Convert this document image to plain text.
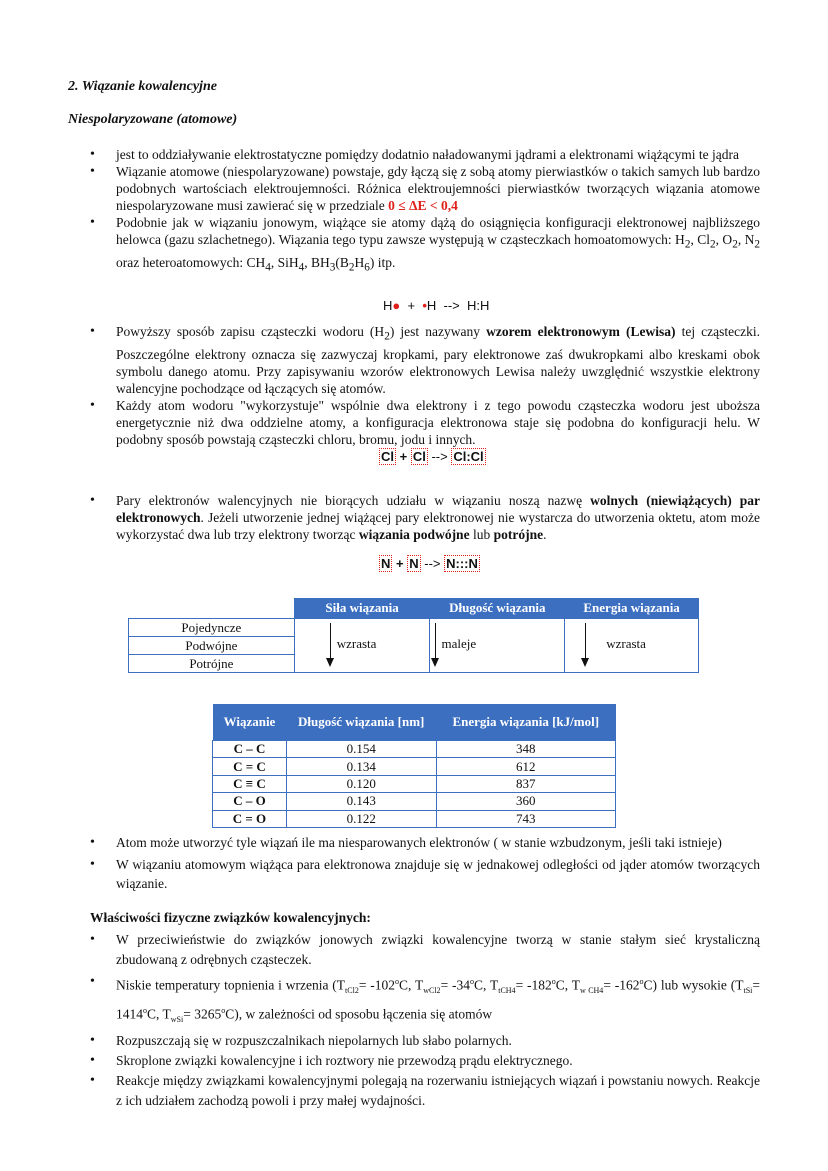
2. Wiązanie kowalencyjne
Niespolaryzowane (atomowe)
• jest to oddziaływanie elektrostatyczne pomiędzy dodatnio naładowanymi jądrami a elektronami wiążącymi te jądra
• Wiązanie atomowe (niespolaryzowane) powstaje, gdy łączą się z sobą atomy pierwiastków o takich samych lub bardzo podobnych wartościach elektroujemności. Różnica elektroujemności pierwiastków tworzących wiązania atomowe niespolaryzowane musi zawierać się w przedziale 0 ≤ ΔE < 0,4
• Podobnie jak w wiązaniu jonowym, wiążące sie atomy dążą do osiągnięcia konfiguracji elektronowej najbliższego helowca (gazu szlachetnego). Wiązania tego typu zawsze występują w cząsteczkach homoatomowych: $H_2$, $Cl_2$, $O_2$, $N_2$ oraz heteroatomowych: $CH_4$, SiH$_4$, $BH_3(B_2H_6)$ itp.
H● + •H --> H:H
• Powyższy sposób zapisu cząsteczki wodoru $(H_2)$ jest nazywany wzorem elektronowym (Lewisa) tej cząsteczki. Poszczególne elektrony oznacza się zazwyczaj kropkami, pary elektronowe zaś dwukropkami albo kreskami obok symbolu danego atomu. Przy zapisywaniu wzorów elektronowych Lewisa należy uwzględnić wszystkie elektrony walencyjne pochodzące od łączących się atomów.
• Każdy atom wodoru "wykorzystuje" wspólnie dwa elektrony i z tego powodu cząsteczka wodoru jest uboższa energetycznie niż dwa oddzielne atomy, a konfiguracja elektronowa staje się podobna do konfiguracji helu. W podobny sposób powstają cząsteczki chloru, bromu, jodu i innych.
Cl + Cl --> Cl:Cl
• Pary elektronów walencyjnych nie biorących udziału w wiązaniu noszą nazwę wolnych (niewiążących) par elektronowych. Jeżeli utworzenie jednej wiążącej pary elektronowej nie wystarcza do utworzenia oktetu, atom może wykorzystać dwa lub trzy elektrony tworząc wiązania podwójne lub potrójne.
N + N --> N:::N
	Siła wiązania	Długość wiązania	Energia wiązania
Pojedyncze	wzrasta	maleje	wzrasta

Podwójne			
Potrójne			
Wiązanie	Długość wiązania [nm]	Energia wiązania [kJ/mol]
C – C	0.154	348
C = C	0.134	612
C ≡ C	0.120	837
C – O	0.143	360
C = O	0.122	743
• Atom może utworzyć tyle wiązań ile ma niesparowanych elektronów ( w stanie wzbudzonym, jeśli taki istnieje)
• W wiązaniu atomowym wiążąca para elektronowa znajduje się w jednakowej odległości od jąder atomów tworzących wiązanie.
Właściwości fizyczne związków kowalencyjnych:
• W przeciwieństwie do związków jonowych związki kowalencyjne tworzą w stanie stałym sieć krystaliczną zbudowaną z odrębnych cząsteczek.
• Niskie temperatury topnienia i wrzenia ($T_{tCl2}= -102^oC$, $T_{wCl2}= -34^oC$, $T_{tCH4}= -182^oC$, $T_{w CH4}= -162^oC$) lub wysokie ($T_{tSi}= 1414^oC$, $T_{wSi}= 3265^oC$), w zależności od sposobu łączenia się atomów
• Rozpuszczają się w rozpuszczalnikach niepolarnych lub słabo polarnych.
• Skroplone związki kowalencyjne i ich roztwory nie przewodzą prądu elektrycznego.
• Reakcje między związkami kowalencyjnymi polegają na rozerwaniu istniejących wiązań i powstaniu nowych. Reakcje z ich udziałem zachodzą powoli i przy małej wydajności.
